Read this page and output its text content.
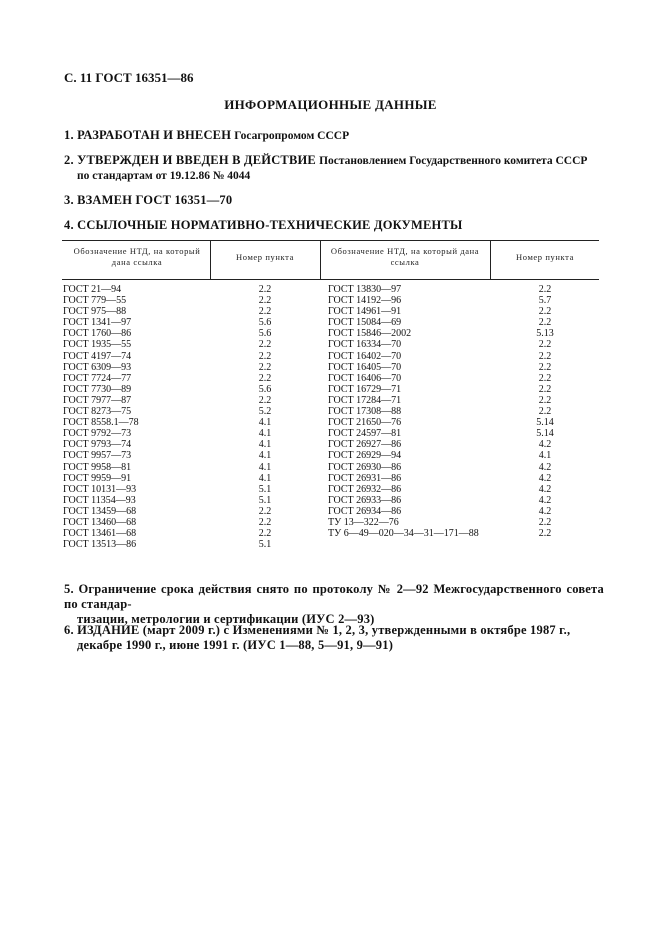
С. 11 ГОСТ 16351—86
ИНФОРМАЦИОННЫЕ ДАННЫЕ
1. РАЗРАБОТАН И ВНЕСЕН Госагропромом СССР
2. УТВЕРЖДЕН И ВВЕДЕН В ДЕЙСТВИЕ Постановлением Государственного комитета СССР
по стандартам от 19.12.86 № 4044
3. ВЗАМЕН ГОСТ 16351—70
4. ССЫЛОЧНЫЕ НОРМАТИВНО-ТЕХНИЧЕСКИЕ ДОКУМЕНТЫ
Обозначение НТД, на который дана ссылка	Номер пункта
Обозначение НТД, на который дана ссылка	Номер пункта
ГОСТ 21—94
ГОСТ 779—55
ГОСТ 975—88
ГОСТ 1341—97
ГОСТ 1760—86
ГОСТ 1935—55
ГОСТ 4197—74
ГОСТ 6309—93
ГОСТ 7724—77
ГОСТ 7730—89
ГОСТ 7977—87
ГОСТ 8273—75
ГОСТ 8558.1—78
ГОСТ 9792—73
ГОСТ 9793—74
ГОСТ 9957—73
ГОСТ 9958—81
ГОСТ 9959—91
ГОСТ 10131—93
ГОСТ 11354—93
ГОСТ 13459—68
ГОСТ 13460—68
ГОСТ 13461—68
ГОСТ 13513—86
2.2
2.2
2.2
5.6
5.6
2.2
2.2
2.2
2.2
5.6
2.2
5.2
4.1
4.1
4.1
4.1
4.1
4.1
5.1
5.1
2.2
2.2
2.2
5.1
ГОСТ 13830—97
ГОСТ 14192—96
ГОСТ 14961—91
ГОСТ 15084—69
ГОСТ 15846—2002
ГОСТ 16334—70
ГОСТ 16402—70
ГОСТ 16405—70
ГОСТ 16406—70
ГОСТ 16729—71
ГОСТ 17284—71
ГОСТ 17308—88
ГОСТ 21650—76
ГОСТ 24597—81
ГОСТ 26927—86
ГОСТ 26929—94
ГОСТ 26930—86
ГОСТ 26931—86
ГОСТ 26932—86
ГОСТ 26933—86
ГОСТ 26934—86
ТУ 13—322—76
ТУ 6—49—020—34—31—171—88
2.2
5.7
2.2
2.2
5.13
2.2
2.2
2.2
2.2
2.2
2.2
2.2
5.14
5.14
4.2
4.1
4.2
4.2
4.2
4.2
4.2
2.2
2.2
5. Ограничение срока действия снято по протоколу № 2—92 Межгосударственного совета по стандар-
тизации, метрологии и сертификации (ИУС 2—93)
6. ИЗДАНИЕ (март 2009 г.) с Изменениями № 1, 2, 3, утвержденными в октябре 1987 г.,
декабре 1990 г., июне 1991 г. (ИУС 1—88, 5—91, 9—91)
